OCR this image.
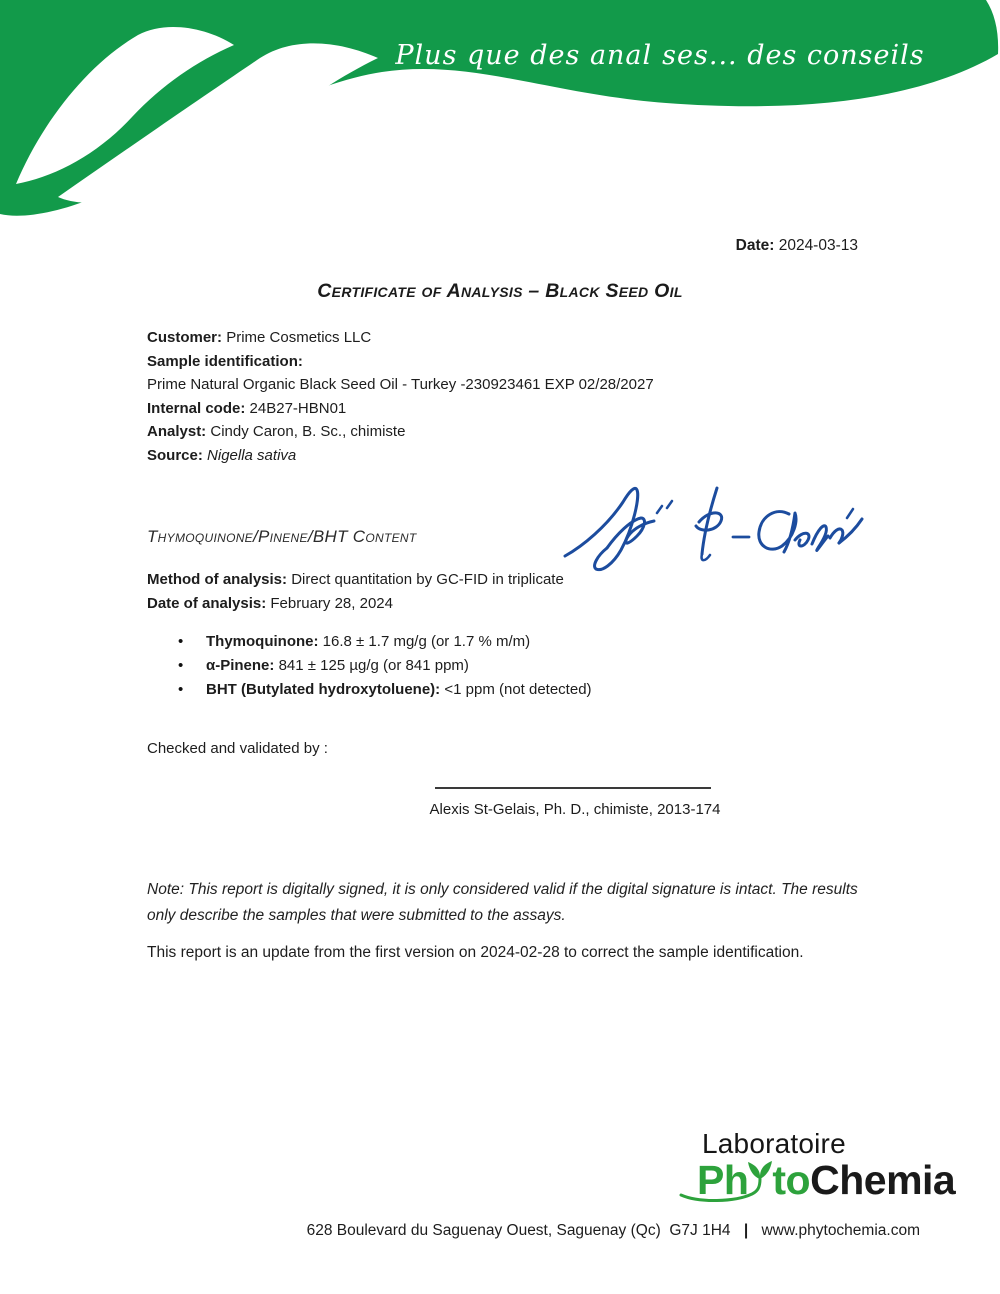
Plus que des anal ses... des conseils
Date: 2024-03-13
Certificate of Analysis – Black Seed Oil
Customer: Prime Cosmetics LLC
Sample identification:
Prime Natural Organic Black Seed Oil - Turkey -230923461 EXP 02/28/2027
Internal code: 24B27-HBN01
Analyst: Cindy Caron, B. Sc., chimiste
Source: Nigella sativa
Thymoquinone/Pinene/BHT Content
Method of analysis: Direct quantitation by GC-FID in triplicate
Date of analysis: February 28, 2024
• Thymoquinone: 16.8 ± 1.7 mg/g (or 1.7 % m/m)
• α-Pinene: 841 ± 125 µg/g (or 841 ppm)
• BHT (Butylated hydroxytoluene): <1 ppm (not detected)
Checked and validated by :
Alexis St-Gelais, Ph. D., chimiste, 2013-174
Note: This report is digitally signed, it is only considered valid if the digital signature is intact. The results only describe the samples that were submitted to the assays.
This report is an update from the first version on 2024-02-28 to correct the sample identification.
Laboratoire
Ph to Chemia
628 Boulevard du Saguenay Ouest, Saguenay (Qc)  G7J 1H4 | www.phytochemia.com
